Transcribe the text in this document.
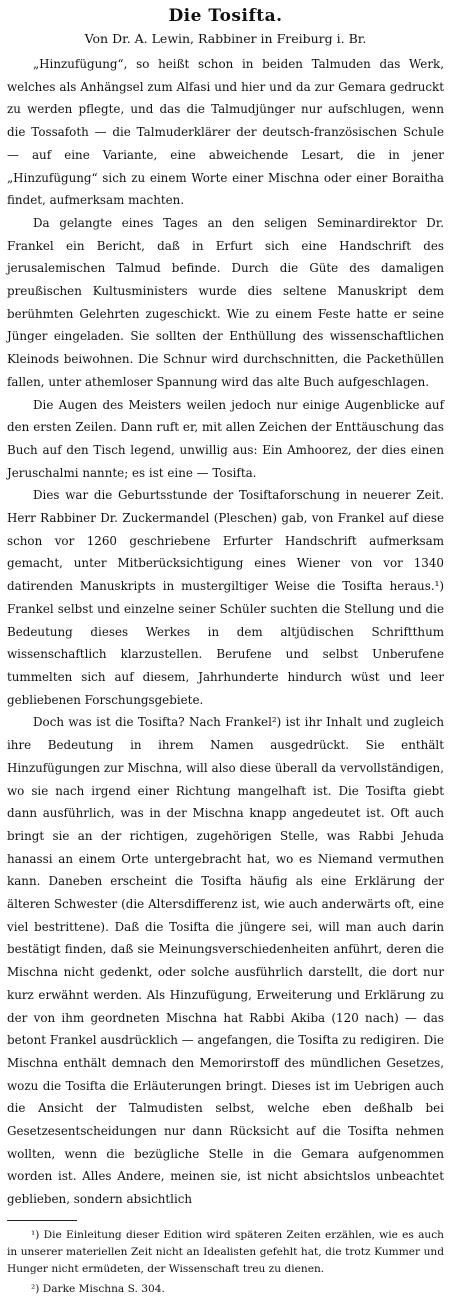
Die Tosifta.
Von Dr. A. Lewin, Rabbiner in Freiburg i. Br.

„Hinzufügung“, so heißt schon in beiden Talmuden das Werk, welches als Anhängsel zum Alfasi und hier und da zur Gemara gedruckt zu werden pflegte, und das die Talmudjünger nur aufschlugen, wenn die Tossafoth — die Talmuderklärer der deutsch-französischen Schule — auf eine Variante, eine abweichende Lesart, die in jener „Hinzufügung“ sich zu einem Worte einer Mischna oder einer Boraitha findet, aufmerksam machten.

Da gelangte eines Tages an den seligen Seminardirektor Dr. Frankel ein Bericht, daß in Erfurt sich eine Handschrift des jerusalemischen Talmud befinde. Durch die Güte des damaligen preußischen Kultusministers wurde dies seltene Manuskript dem berühmten Gelehrten zugeschickt. Wie zu einem Feste hatte er seine Jünger eingeladen. Sie sollten der Enthüllung des wissenschaftlichen Kleinods beiwohnen. Die Schnur wird durchschnitten, die Packethüllen fallen, unter athemloser Spannung wird das alte Buch aufgeschlagen.

Die Augen des Meisters weilen jedoch nur einige Augenblicke auf den ersten Zeilen. Dann ruft er, mit allen Zeichen der Enttäuschung das Buch auf den Tisch legend, unwillig aus: Ein Amhoorez, der dies einen Jeruschalmi nannte; es ist eine — Tosifta.

Dies war die Geburtsstunde der Tosiftaforschung in neuerer Zeit. Herr Rabbiner Dr. Zuckermandel (Pleschen) gab, von Frankel auf diese schon vor 1260 geschriebene Erfurter Handschrift aufmerksam gemacht, unter Mitberücksichtigung eines Wiener von vor 1340 datirenden Manuskripts in mustergiltiger Weise die Tosifta heraus.¹) Frankel selbst und einzelne seiner Schüler suchten die Stellung und die Bedeutung dieses Werkes in dem altjüdischen Schriftthum wissenschaftlich klarzustellen. Berufene und selbst Unberufene tummelten sich auf diesem, Jahrhunderte hindurch wüst und leer gebliebenen Forschungsgebiete.

Doch was ist die Tosifta? Nach Frankel²) ist ihr Inhalt und zugleich ihre Bedeutung in ihrem Namen ausgedrückt. Sie enthält Hinzufügungen zur Mischna, will also diese überall da vervollständigen, wo sie nach irgend einer Richtung mangelhaft ist. Die Tosifta giebt dann ausführlich, was in der Mischna knapp angedeutet ist. Oft auch bringt sie an der richtigen, zugehörigen Stelle, was Rabbi Jehuda hanassi an einem Orte untergebracht hat, wo es Niemand vermuthen kann. Daneben erscheint die Tosifta häufig als eine Erklärung der älteren Schwester (die Altersdifferenz ist, wie auch anderwärts oft, eine viel bestrittene). Daß die Tosifta die jüngere sei, will man auch darin bestätigt finden, daß sie Meinungsverschiedenheiten anführt, deren die Mischna nicht gedenkt, oder solche ausführlich darstellt, die dort nur kurz erwähnt werden. Als Hinzufügung, Erweiterung und Erklärung zu der von ihm geordneten Mischna hat Rabbi Akiba (120 nach) — das betont Frankel ausdrücklich — angefangen, die Tosifta zu redigiren. Die Mischna enthält demnach den Memorirstoff des mündlichen Gesetzes, wozu die Tosifta die Erläuterungen bringt. Dieses ist im Uebrigen auch die Ansicht der Talmudisten selbst, welche eben deßhalb bei Gesetzesentscheidungen nur dann Rücksicht auf die Tosifta nehmen wollten, wenn die bezügliche Stelle in die Gemara aufgenommen worden ist. Alles Andere, meinen sie, ist nicht absichtslos unbeachtet geblieben, sondern absichtlich

¹) Die Einleitung dieser Edition wird späteren Zeiten erzählen, wie es auch in unserer materiellen Zeit nicht an Idealisten gefehlt hat, die trotz Kummer und Hunger nicht ermüdeten, der Wissenschaft treu zu dienen.

²) Darke Mischna S. 304.
